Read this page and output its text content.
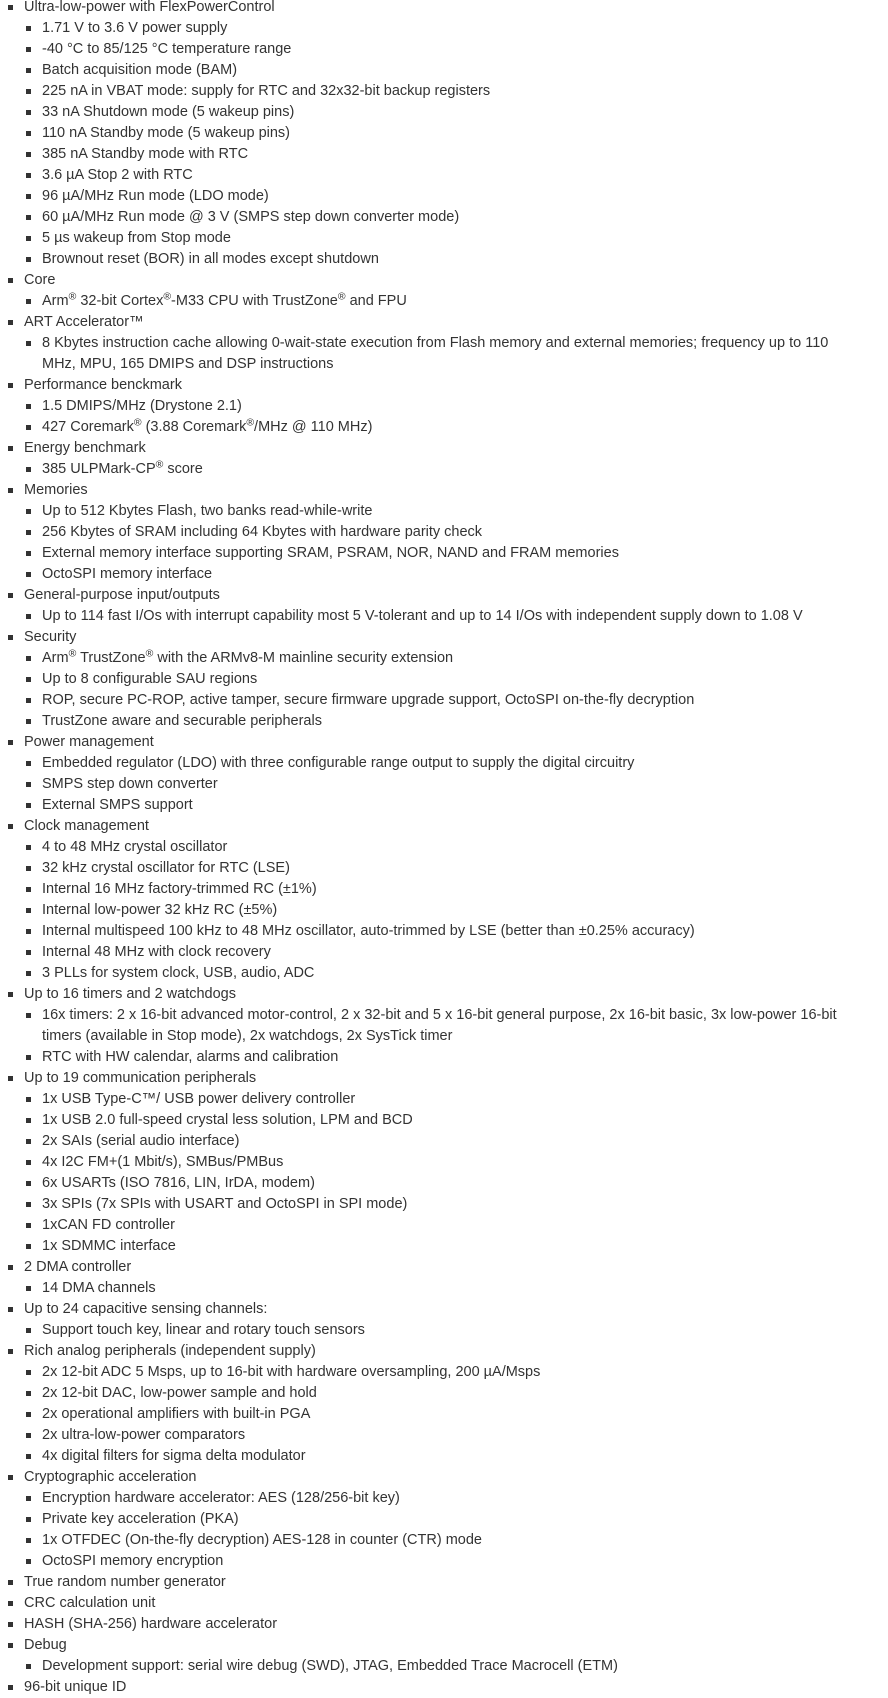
Ultra-low-power with FlexPowerControl
1.71 V to 3.6 V power supply
-40 °C to 85/125 °C temperature range
Batch acquisition mode (BAM)
225 nA in VBAT mode: supply for RTC and 32x32-bit backup registers
33 nA Shutdown mode (5 wakeup pins)
110 nA Standby mode (5 wakeup pins)
385 nA Standby mode with RTC
3.6 µA Stop 2 with RTC
96 µA/MHz Run mode (LDO mode)
60 µA/MHz Run mode @ 3 V (SMPS step down converter mode)
5 µs wakeup from Stop mode
Brownout reset (BOR) in all modes except shutdown
Core
Arm® 32-bit Cortex®-M33 CPU with TrustZone® and FPU
ART Accelerator™
8 Kbytes instruction cache allowing 0-wait-state execution from Flash memory and external memories; frequency up to 110 MHz, MPU, 165 DMIPS and DSP instructions
Performance benckmark
1.5 DMIPS/MHz (Drystone 2.1)
427 Coremark® (3.88 Coremark®/MHz @ 110 MHz)
Energy benchmark
385 ULPMark-CP® score
Memories
Up to 512 Kbytes Flash, two banks read-while-write
256 Kbytes of SRAM including 64 Kbytes with hardware parity check
External memory interface supporting SRAM, PSRAM, NOR, NAND and FRAM memories
OctoSPI memory interface
General-purpose input/outputs
Up to 114 fast I/Os with interrupt capability most 5 V-tolerant and up to 14 I/Os with independent supply down to 1.08 V
Security
Arm® TrustZone® with the ARMv8-M mainline security extension
Up to 8 configurable SAU regions
ROP, secure PC-ROP, active tamper, secure firmware upgrade support, OctoSPI on-the-fly decryption
TrustZone aware and securable peripherals
Power management
Embedded regulator (LDO) with three configurable range output to supply the digital circuitry
SMPS step down converter
External SMPS support
Clock management
4 to 48 MHz crystal oscillator
32 kHz crystal oscillator for RTC (LSE)
Internal 16 MHz factory-trimmed RC (±1%)
Internal low-power 32 kHz RC (±5%)
Internal multispeed 100 kHz to 48 MHz oscillator, auto-trimmed by LSE (better than ±0.25% accuracy)
Internal 48 MHz with clock recovery
3 PLLs for system clock, USB, audio, ADC
Up to 16 timers and 2 watchdogs
16x timers: 2 x 16-bit advanced motor-control, 2 x 32-bit and 5 x 16-bit general purpose, 2x 16-bit basic, 3x low-power 16-bit timers (available in Stop mode), 2x watchdogs, 2x SysTick timer
RTC with HW calendar, alarms and calibration
Up to 19 communication peripherals
1x USB Type-C™/ USB power delivery controller
1x USB 2.0 full-speed crystal less solution, LPM and BCD
2x SAIs (serial audio interface)
4x I2C FM+(1 Mbit/s), SMBus/PMBus
6x USARTs (ISO 7816, LIN, IrDA, modem)
3x SPIs (7x SPIs with USART and OctoSPI in SPI mode)
1xCAN FD controller
1x SDMMC interface
2 DMA controller
14 DMA channels
Up to 24 capacitive sensing channels:
Support touch key, linear and rotary touch sensors
Rich analog peripherals (independent supply)
2x 12-bit ADC 5 Msps, up to 16-bit with hardware oversampling, 200 µA/Msps
2x 12-bit DAC, low-power sample and hold
2x operational amplifiers with built-in PGA
2x ultra-low-power comparators
4x digital filters for sigma delta modulator
Cryptographic acceleration
Encryption hardware accelerator: AES (128/256-bit key)
Private key acceleration (PKA)
1x OTFDEC (On-the-fly decryption) AES-128 in counter (CTR) mode
OctoSPI memory encryption
True random number generator
CRC calculation unit
HASH (SHA-256) hardware accelerator
Debug
Development support: serial wire debug (SWD), JTAG, Embedded Trace Macrocell (ETM)
96-bit unique ID
